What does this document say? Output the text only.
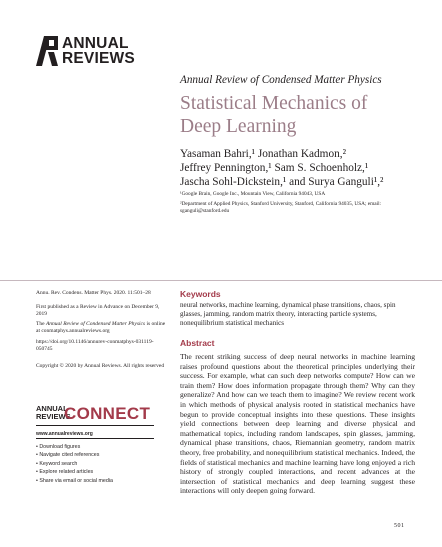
ANNUAL
REVIEWS
Annual Review of Condensed Matter Physics
Statistical Mechanics of
Deep Learning
Yasaman Bahri,¹ Jonathan Kadmon,²
Jeffrey Pennington,¹ Sam S. Schoenholz,¹
Jascha Sohl-Dickstein,¹ and Surya Ganguli¹,²
¹Google Brain, Google Inc., Mountain View, California 94043, USA
²Department of Applied Physics, Stanford University, Stanford, California 94035, USA; email: sganguli@stanford.edu
Annu. Rev. Condens. Matter Phys. 2020. 11:501–28
First published as a Review in Advance on December 9, 2019
The Annual Review of Condensed Matter Physics is online at conmatphys.annualreviews.org
https://doi.org/10.1146/annurev-conmatphys-031119-050745
Copyright © 2020 by Annual Reviews. All rights reserved
ANNUAL
REVIEWS
CONNECT
www.annualreviews.org
• Download figures
• Navigate cited references
• Keyword search
• Explore related articles
• Share via email or social media
Keywords
neural networks, machine learning, dynamical phase transitions, chaos, spin glasses, jamming, random matrix theory, interacting particle systems, nonequilibrium statistical mechanics
Abstract
The recent striking success of deep neural networks in machine learning raises profound questions about the theoretical principles underlying their success. For example, what can such deep networks compute? How can we train them? How does information propagate through them? Why can they generalize? And how can we teach them to imagine? We review recent work in which methods of physical analysis rooted in statistical mechanics have begun to provide conceptual insights into these questions. These insights yield connections between deep learning and diverse physical and mathematical topics, including random landscapes, spin glasses, jamming, dynamical phase transitions, chaos, Riemannian geometry, random matrix theory, free probability, and nonequilibrium statistical mechanics. Indeed, the fields of statistical mechanics and machine learning have long enjoyed a rich history of strongly coupled interactions, and recent advances at the intersection of statistical mechanics and deep learning suggest these interactions will only deepen going forward.
501
